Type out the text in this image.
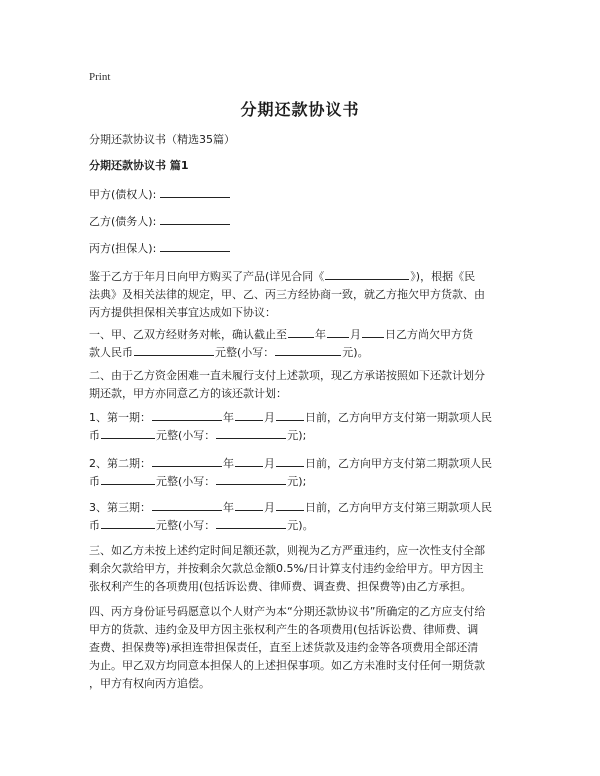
Print
分期还款协议书
分期还款协议书（精选35篇）
分期还款协议书 篇1
甲方(债权人):
乙方(债务人):
丙方(担保人):
鉴于乙方于年月日向甲方购买了产品(详见合同《	》)，根据《民
法典》及相关法律的规定，甲、乙、丙三方经协商一致，就乙方拖欠甲方货款、由
丙方提供担保相关事宜达成如下协议：
一、甲、乙双方经财务对帐，确认截止至	年 月 日乙方尚欠甲方货
款人民币	元整(小写：	元)。
二、由于乙方资金困难一直未履行支付上述款项，现乙方承诺按照如下还款计划分
期还款，甲方亦同意乙方的该还款计划：
1、第一期：	年	月	日前，乙方向甲方支付第一期款项人民
币	元整(小写：	元);
2、第二期：	年	月	日前，乙方向甲方支付第二期款项人民
币	元整(小写：	元);
3、第三期：	年	月	日前，乙方向甲方支付第三期款项人民
币	元整(小写：	元)。
三、如乙方未按上述约定时间足额还款，则视为乙方严重违约，应一次性支付全部
剩余欠款给甲方，并按剩余欠款总金额0.5%/日计算支付违约金给甲方。甲方因主
张权利产生的各项费用(包括诉讼费、律师费、调查费、担保费等)由乙方承担。
四、丙方身份证号码愿意以个人财产为本“分期还款协议书”所确定的乙方应支付给
甲方的货款、违约金及甲方因主张权利产生的各项费用(包括诉讼费、律师费、调
查费、担保费等)承担连带担保责任，直至上述货款及违约金等各项费用全部还清
为止。甲乙双方均同意本担保人的上述担保事项。如乙方未准时支付任何一期货款
，甲方有权向丙方追偿。
